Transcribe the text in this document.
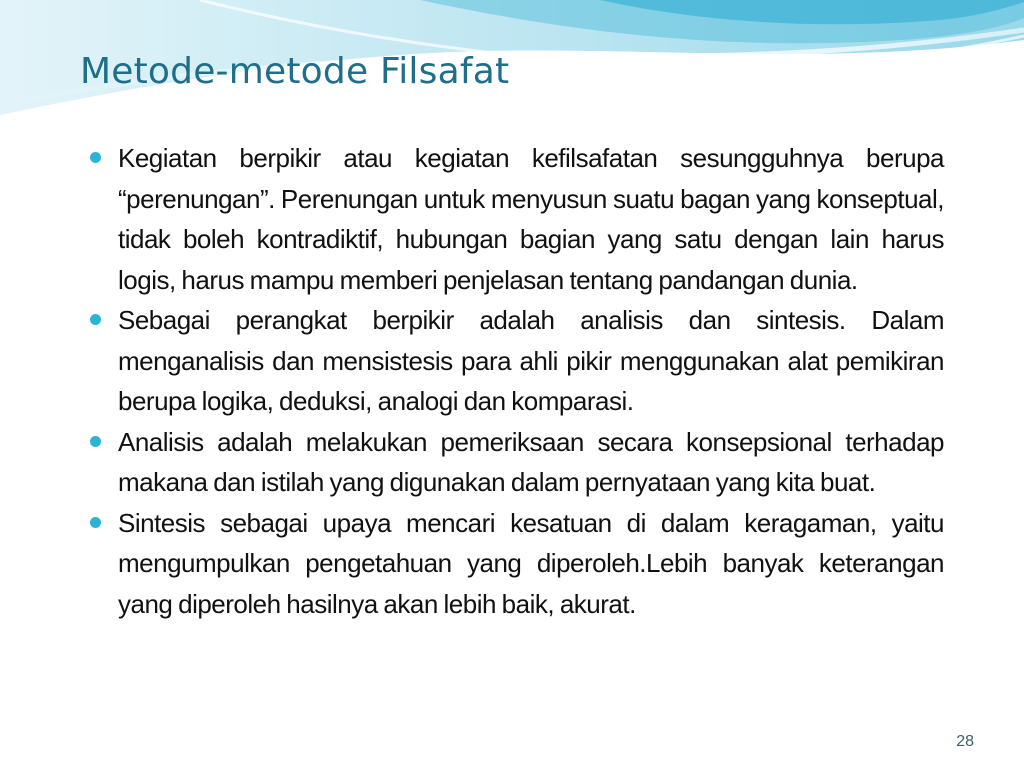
Metode-metode Filsafat
Kegiatan berpikir atau kegiatan kefilsafatan sesungguhnya berupa “perenungan”. Perenungan untuk menyusun suatu bagan yang konseptual, tidak boleh kontradiktif, hubungan bagian yang satu dengan lain harus logis, harus mampu memberi penjelasan tentang pandangan dunia.
Sebagai perangkat berpikir adalah analisis dan sintesis. Dalam menganalisis dan mensistesis para ahli pikir menggunakan alat pemikiran berupa logika, deduksi, analogi dan komparasi.
Analisis adalah melakukan pemeriksaan secara konsepsional terhadap makana dan istilah yang digunakan dalam pernyataan yang kita buat.
Sintesis sebagai upaya mencari kesatuan di dalam keragaman, yaitu mengumpulkan pengetahuan yang diperoleh.Lebih banyak keterangan yang diperoleh hasilnya akan lebih baik, akurat.
28
